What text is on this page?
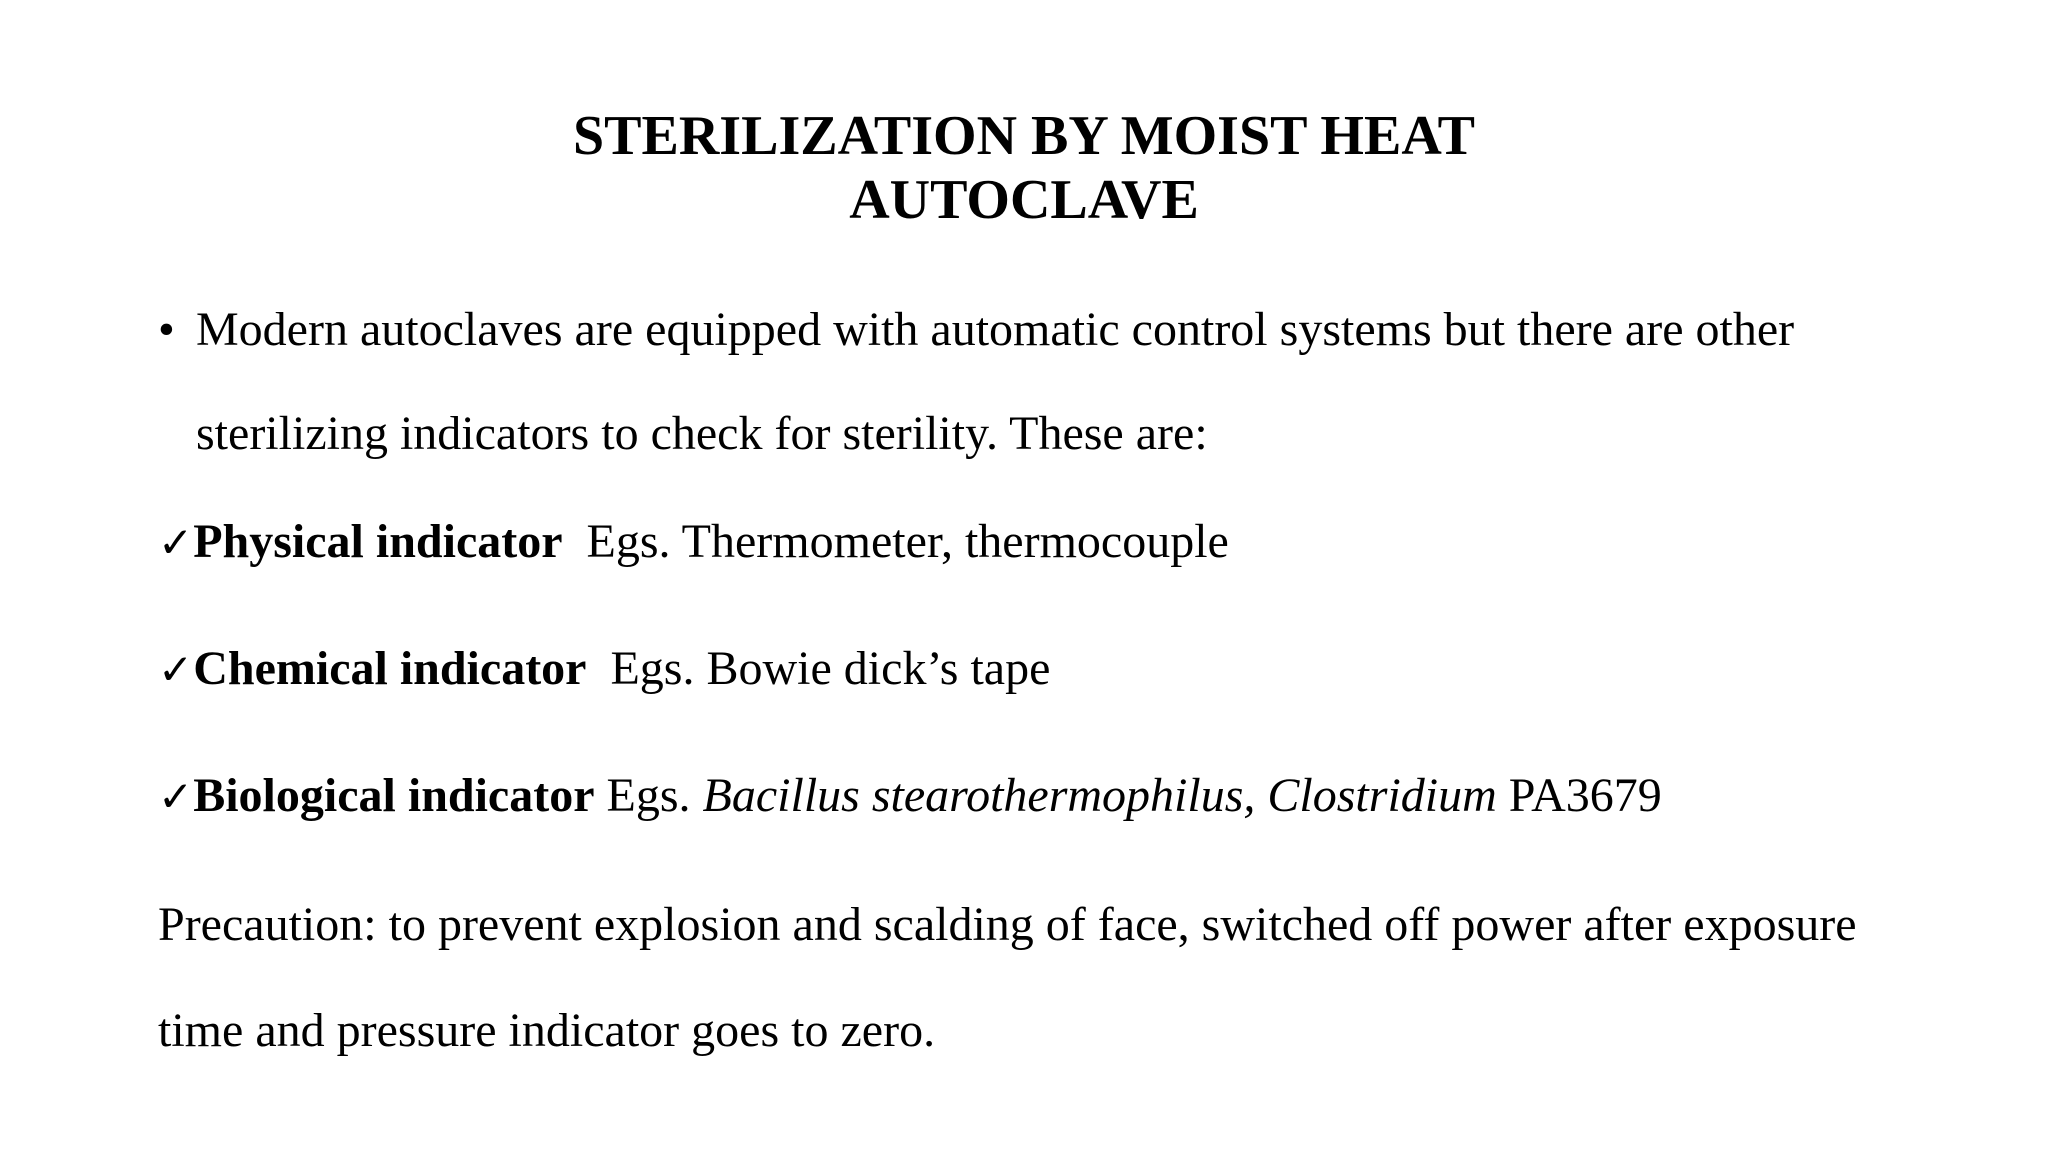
STERILIZATION BY MOIST HEAT
AUTOCLAVE
• Modern autoclaves are equipped with automatic control systems but there are other sterilizing indicators to check for sterility. These are:
✓Physical indicator  Egs. Thermometer, thermocouple
✓Chemical indicator  Egs. Bowie dick’s tape
✓Biological indicator Egs. Bacillus stearothermophilus, Clostridium PA3679
Precaution: to prevent explosion and scalding of face, switched off power after exposure time and pressure indicator goes to zero.
